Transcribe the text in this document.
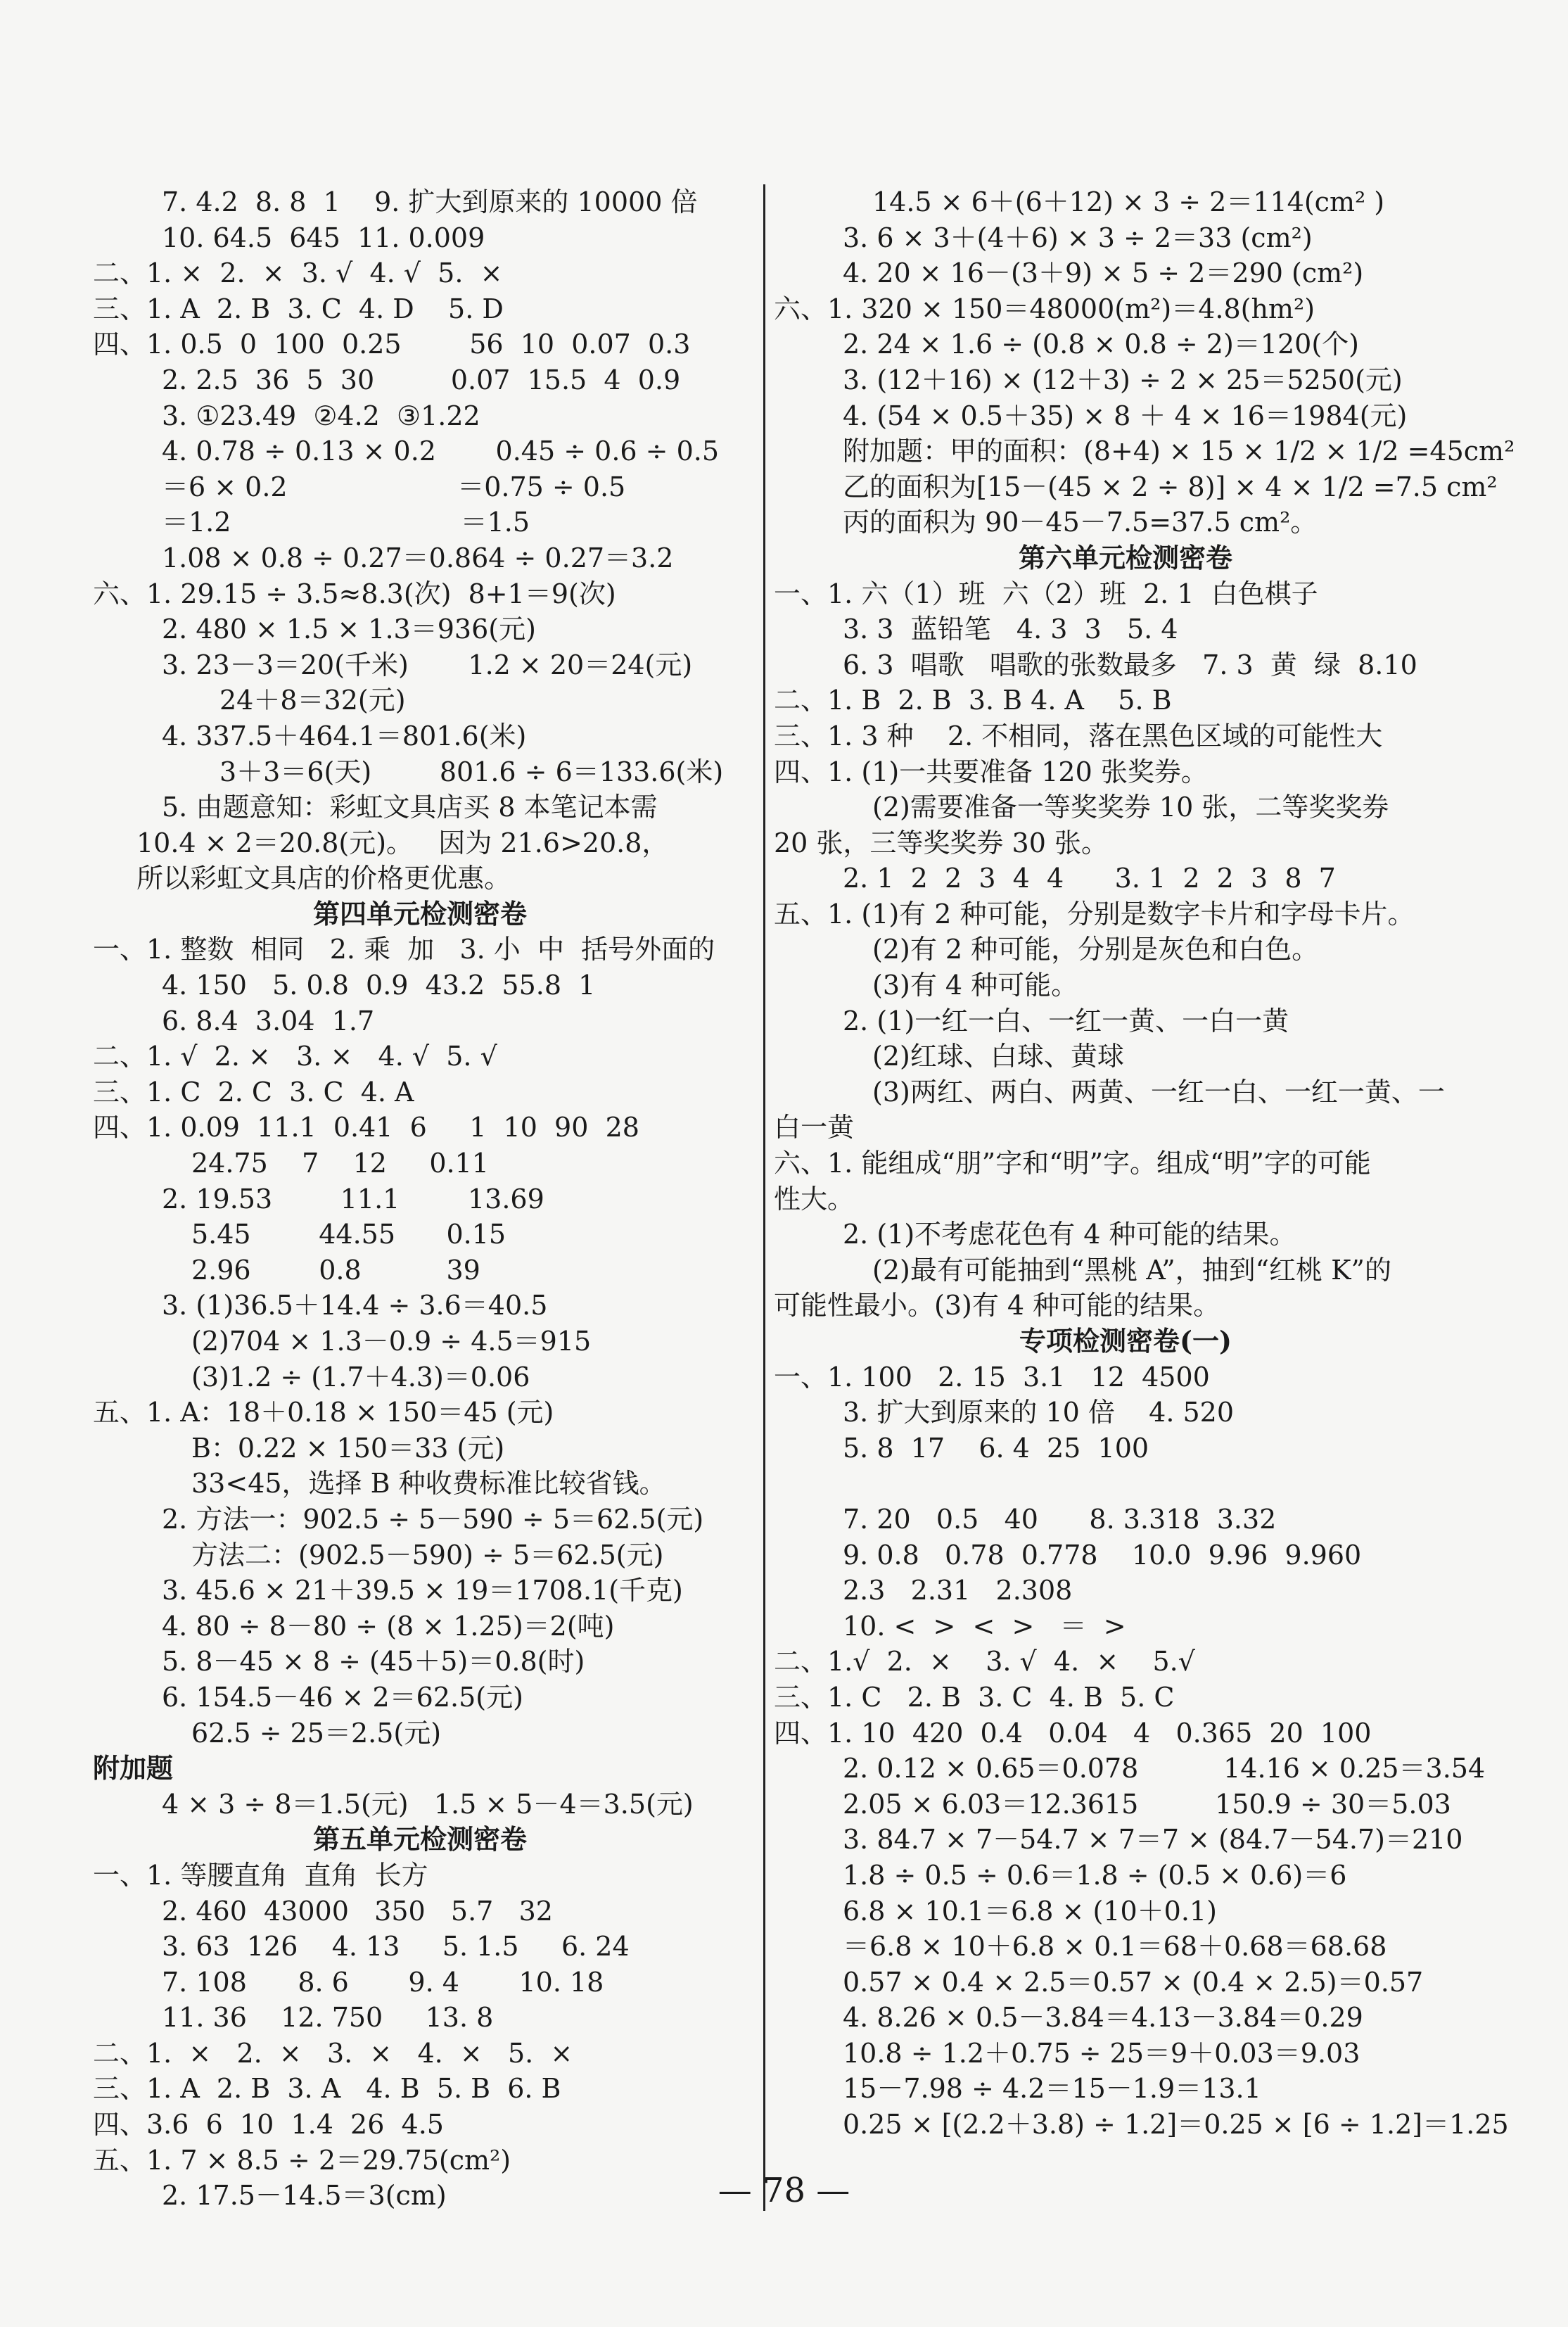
7. 4.2  8. 8  1    9. 扩大到原来的 10000 倍
10. 64.5  645  11. 0.009
二、1. ×  2.  ×  3. √  4. √  5.  ×
三、1. A  2. B  3. C  4. D    5. D
四、1. 0.5  0  100  0.25        56  10  0.07  0.3
2. 2.5  36  5  30         0.07  15.5  4  0.9
3. ①23.49  ②4.2  ③1.22
4. 0.78 ÷ 0.13 × 0.2       0.45 ÷ 0.6 ÷ 0.5
＝6 × 0.2                    ＝0.75 ÷ 0.5
＝1.2                           ＝1.5
1.08 × 0.8 ÷ 0.27＝0.864 ÷ 0.27＝3.2
六、1. 29.15 ÷ 3.5≈8.3(次)  8+1＝9(次)
2. 480 × 1.5 × 1.3＝936(元)
3. 23－3＝20(千米)       1.2 × 20＝24(元)
24＋8＝32(元)
4. 337.5＋464.1＝801.6(米)
3＋3＝6(天)        801.6 ÷ 6＝133.6(米)
5. 由题意知：彩虹文具店买 8 本笔记本需
10.4 × 2＝20.8(元)。   因为 21.6>20.8，
所以彩虹文具店的价格更优惠。
第四单元检测密卷
一、1. 整数  相同   2. 乘  加   3. 小  中  括号外面的
4. 150   5. 0.8  0.9  43.2  55.8  1
6. 8.4  3.04  1.7
二、1. √  2. ×   3. ×   4. √  5. √
三、1. C  2. C  3. C  4. A
四、1. 0.09  11.1  0.41  6     1  10  90  28
24.75    7    12     0.11
2. 19.53        11.1        13.69
5.45        44.55      0.15
2.96        0.8          39
3. (1)36.5＋14.4 ÷ 3.6＝40.5
(2)704 × 1.3－0.9 ÷ 4.5＝915
(3)1.2 ÷ (1.7＋4.3)＝0.06
五、1. A：18＋0.18 × 150＝45 (元)
B：0.22 × 150＝33 (元)
33<45，选择 B 种收费标准比较省钱。
2. 方法一：902.5 ÷ 5－590 ÷ 5＝62.5(元)
方法二：(902.5－590) ÷ 5＝62.5(元)
3. 45.6 × 21＋39.5 × 19＝1708.1(千克)
4. 80 ÷ 8－80 ÷ (8 × 1.25)＝2(吨)
5. 8－45 × 8 ÷ (45＋5)＝0.8(时)
6. 154.5－46 × 2＝62.5(元)
62.5 ÷ 25＝2.5(元)
附加题
4 × 3 ÷ 8＝1.5(元)   1.5 × 5－4＝3.5(元)
第五单元检测密卷
一、1. 等腰直角  直角  长方
2. 460  43000   350   5.7   32
3. 63  126    4. 13     5. 1.5     6. 24
7. 108      8. 6       9. 4       10. 18
11. 36    12. 750     13. 8
二、1.  ×   2.  ×   3.  ×   4.  ×   5.  ×
三、1. A  2. B  3. A   4. B  5. B  6. B
四、3.6  6  10  1.4  26  4.5
五、1. 7 × 8.5 ÷ 2＝29.75(cm²)
2. 17.5－14.5＝3(cm)
14.5 × 6＋(6＋12) × 3 ÷ 2＝114(cm² )
3. 6 × 3＋(4＋6) × 3 ÷ 2＝33 (cm²)
4. 20 × 16－(3＋9) × 5 ÷ 2＝290 (cm²)
六、1. 320 × 150＝48000(m²)＝4.8(hm²)
2. 24 × 1.6 ÷ (0.8 × 0.8 ÷ 2)＝120(个)
3. (12＋16) × (12＋3) ÷ 2 × 25＝5250(元)
4. (54 × 0.5＋35) × 8 ＋ 4 × 16＝1984(元)
附加题：甲的面积：(8+4) × 15 × 1/2 × 1/2 =45cm²
乙的面积为[15－(45 × 2 ÷ 8)] × 4 × 1/2 =7.5 cm²
丙的面积为 90－45－7.5=37.5 cm²。
第六单元检测密卷
一、1. 六（1）班  六（2）班  2. 1  白色棋子
3. 3  蓝铅笔   4. 3  3   5. 4
6. 3  唱歌   唱歌的张数最多   7. 3  黄  绿  8.10
二、1. B  2. B  3. B 4. A    5. B
三、1. 3 种    2. 不相同，落在黑色区域的可能性大
四、1. (1)一共要准备 120 张奖券。
(2)需要准备一等奖奖券 10 张，二等奖奖券
20 张，三等奖奖券 30 张。
2. 1  2  2  3  4  4      3. 1  2  2  3  8  7
五、1. (1)有 2 种可能，分别是数字卡片和字母卡片。
(2)有 2 种可能，分别是灰色和白色。
(3)有 4 种可能。
2. (1)一红一白、一红一黄、一白一黄
(2)红球、白球、黄球
(3)两红、两白、两黄、一红一白、一红一黄、一
白一黄
六、1. 能组成“朋”字和“明”字。组成“明”字的可能
性大。
2. (1)不考虑花色有 4 种可能的结果。
(2)最有可能抽到“黑桃 A”，抽到“红桃 K”的
可能性最小。(3)有 4 种可能的结果。
专项检测密卷(一)
一、1. 100   2. 15  3.1   12  4500
3. 扩大到原来的 10 倍    4. 520
5. 8  17    6. 4  25  100
7. 20   0.5   40      8. 3.318  3.32
9. 0.8   0.78  0.778    10.0  9.96  9.960
2.3   2.31   2.308
10. <  >  <  >   ＝  >
二、1.√  2.  ×    3. √  4.  ×    5.√
三、1. C   2. B  3. C  4. B  5. C
四、1. 10  420  0.4   0.04   4   0.365  20  100
2. 0.12 × 0.65＝0.078          14.16 × 0.25＝3.54
2.05 × 6.03＝12.3615         150.9 ÷ 30＝5.03
3. 84.7 × 7－54.7 × 7＝7 × (84.7－54.7)＝210
1.8 ÷ 0.5 ÷ 0.6＝1.8 ÷ (0.5 × 0.6)＝6
6.8 × 10.1＝6.8 × (10＋0.1)
＝6.8 × 10＋6.8 × 0.1＝68＋0.68＝68.68
0.57 × 0.4 × 2.5＝0.57 × (0.4 × 2.5)＝0.57
4. 8.26 × 0.5－3.84＝4.13－3.84＝0.29
10.8 ÷ 1.2＋0.75 ÷ 25＝9＋0.03＝9.03
15－7.98 ÷ 4.2＝15－1.9＝13.1
0.25 × [(2.2＋3.8) ÷ 1.2]＝0.25 × [6 ÷ 1.2]＝1.25
— 78 —
